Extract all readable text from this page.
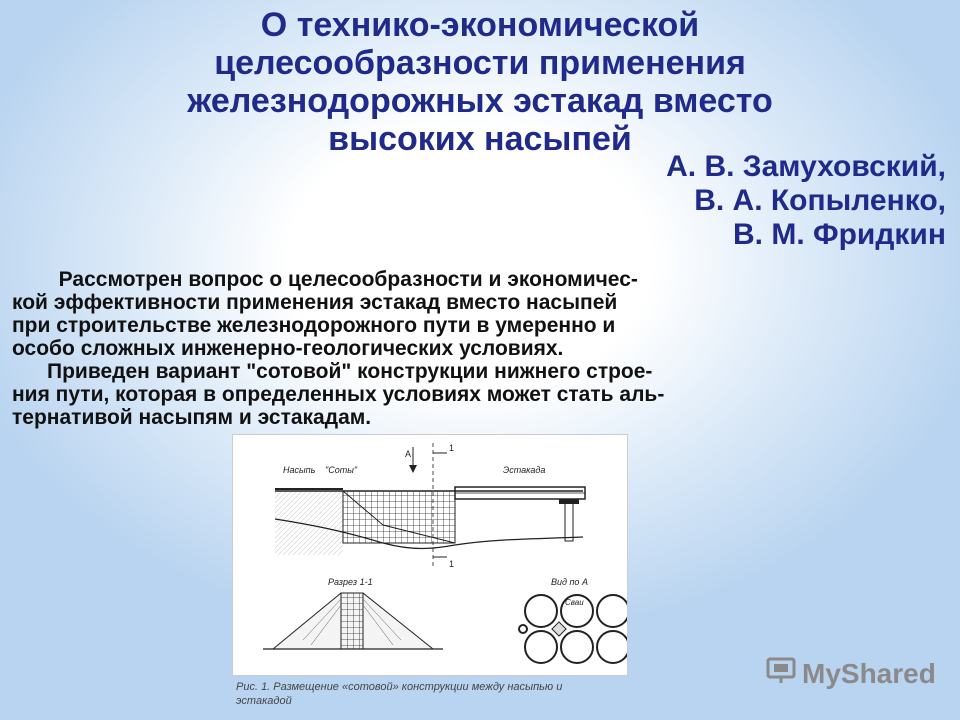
О технико-экономической
целесообразности применения
железнодорожных эстакад вместо
высоких насыпей
А. В. Замуховский,
В. А. Копыленко,
В. М. Фридкин
Рассмотрен вопрос о целесообразности и экономичес-
кой эффективности применения эстакад вместо насыпей
при строительстве железнодорожного пути в умеренно и
особо сложных инженерно-геологических условиях.
Приведен вариант "сотовой" конструкции нижнего строе-
ния пути, которая в определенных условиях может стать аль-
тернативой насыпям и эстакадам.
Насыпь "Соты"	Эстакада
А
1
1
Разрез 1-1	Вид по А
Сваи
Рис. 1. Размещение «сотовой» конструкции между насыпью и эстакадой
MyShared
